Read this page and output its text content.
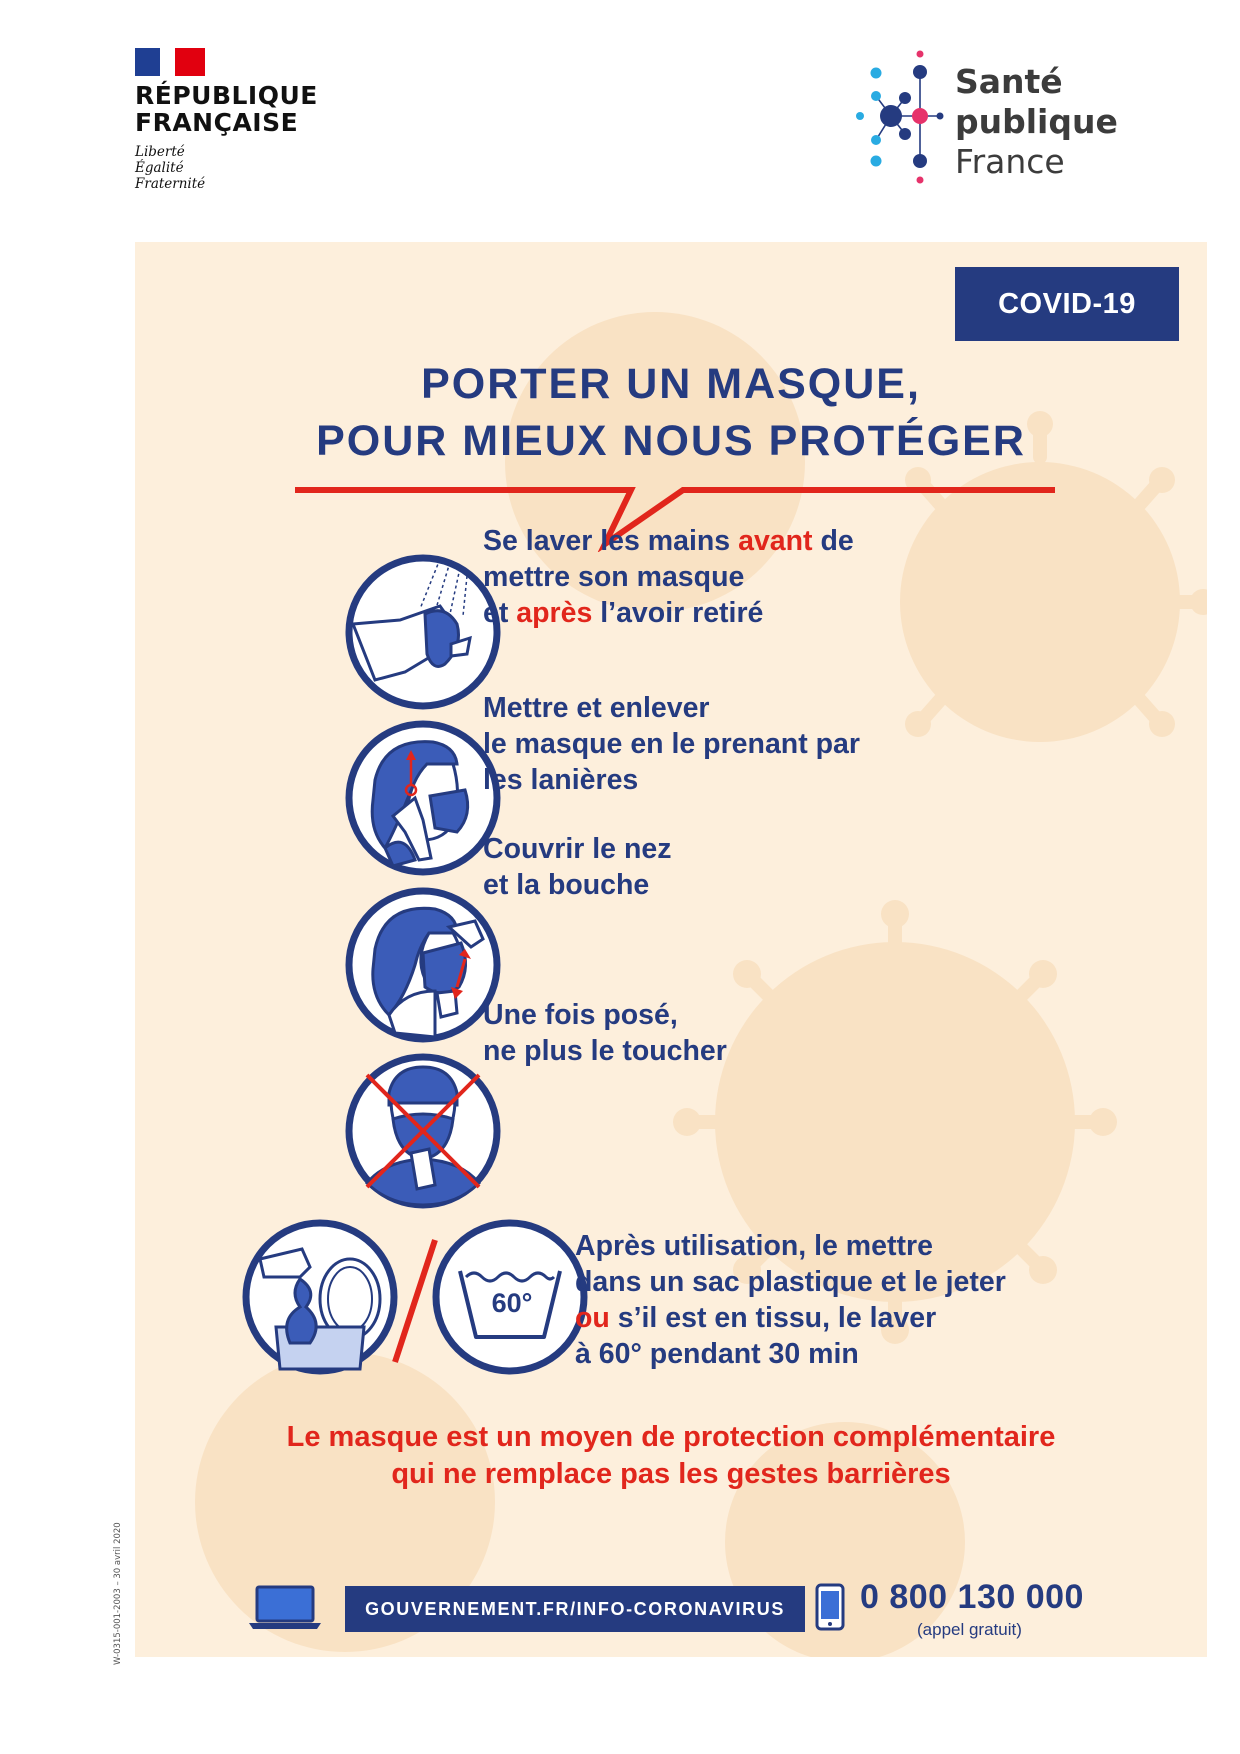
RÉPUBLIQUE
FRANÇAISE
Liberté
Égalité
Fraternité
Santé
publique
France
COVID-19
PORTER UN MASQUE,
POUR MIEUX NOUS PROTÉGER
Se laver les mains avant de
mettre son masque
et après l’avoir retiré
Mettre et enlever
le masque en le prenant par
les lanières
Couvrir le nez
et la bouche
Une fois posé,
ne plus le toucher
60°
Après utilisation, le mettre
dans un sac plastique et le jeter
ou s’il est en tissu, le laver
à 60° pendant 30 min
Le masque est un moyen de protection complémentaire
qui ne remplace pas les gestes barrières
GOUVERNEMENT.FR/INFO-CORONAVIRUS	0 800 130 000
(appel gratuit)
W-0315-001-2003 – 30 avril 2020
